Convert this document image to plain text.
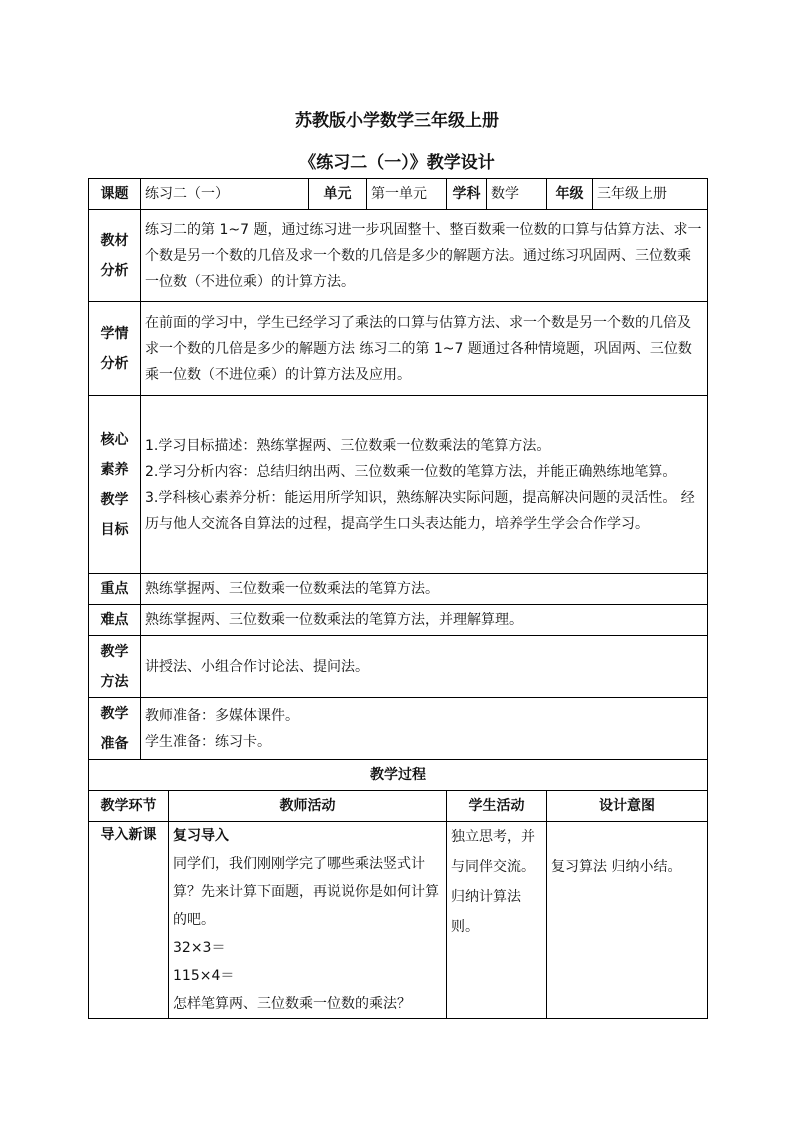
苏教版小学数学三年级上册
《练习二（一）》教学设计
课题	练习二（一）		单元	第一单元	学科	数学	年级	三年级上册

教材
分析	练习二的第 1~7 题，通过练习进一步巩固整十、整百数乘一位数的口算与估算方法、求一个数是另一个数的几倍及求一个数的几倍是多少的解题方法。通过练习巩固两、三位数乘一位数（不进位乘）的计算方法。							

学情
分析	在前面的学习中，学生已经学习了乘法的口算与估算方法、求一个数是另一个数的几倍及求一个数的几倍是多少的解题方法 练习二的第 1~7 题通过各种情境题，巩固两、三位数乘一位数（不进位乘）的计算方法及应用。							

核心
素养
教学
目标	1.学习目标描述：熟练掌握两、三位数乘一位数乘法的笔算方法。
2.学习分析内容：总结归纳出两、三位数乘一位数的笔算方法，并能正确熟练地笔算。
3.学科核心素养分析：能运用所学知识，熟练解决实际问题，提高解决问题的灵活性。 经历与他人交流各自算法的过程，提高学生口头表达能力，培养学生学会合作学习。							

重点	熟练掌握两、三位数乘一位数乘法的笔算方法。							
难点	熟练掌握两、三位数乘一位数乘法的笔算方法，并理解算理。							

教学
方法	讲授法、小组合作讨论法、提问法。							

教学
准备	教师准备：多媒体课件。
学生准备：练习卡。							

教学过程								
教学环节		教师活动			学生活动		设计意图	
导入新课		复习导入
同学们，我们刚刚学完了哪些乘法竖式计算？先来计算下面题，再说说你是如何计算的吧。
32×3＝
115×4＝
怎样笔算两、三位数乘一位数的乘法？			独立思考，并与同伴交流。归纳计算法则。		复习算法 归纳小结。	
